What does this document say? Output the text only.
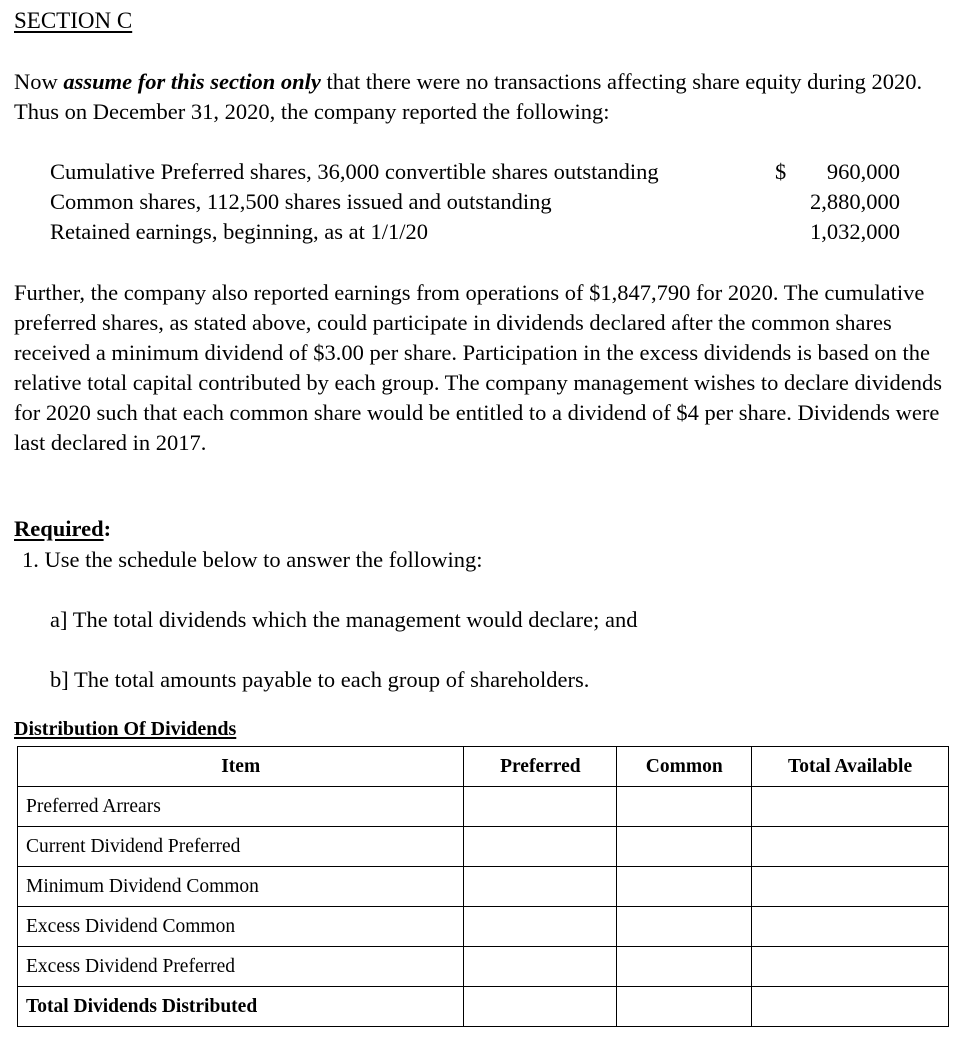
SECTION C
Now assume for this section only that there were no transactions affecting share equity during 2020. Thus on December 31, 2020, the company reported the following:
Cumulative Preferred shares, 36,000 convertible shares outstanding	$ 960,000
Common shares, 112,500 shares issued and outstanding	2,880,000
Retained earnings, beginning, as at 1/1/20	1,032,000
Further, the company also reported earnings from operations of $1,847,790 for 2020. The cumulative preferred shares, as stated above, could participate in dividends declared after the common shares received a minimum dividend of $3.00 per share. Participation in the excess dividends is based on the relative total capital contributed by each group. The company management wishes to declare dividends for 2020 such that each common share would be entitled to a dividend of $4 per share. Dividends were last declared in 2017.
Required:
1. Use the schedule below to answer the following:
a] The total dividends which the management would declare; and
b] The total amounts payable to each group of shareholders.
Distribution Of Dividends
Item	Preferred	Common	Total Available
Preferred Arrears			
Current Dividend Preferred			
Minimum Dividend Common			
Excess Dividend Common			
Excess Dividend Preferred			
Total Dividends Distributed			
